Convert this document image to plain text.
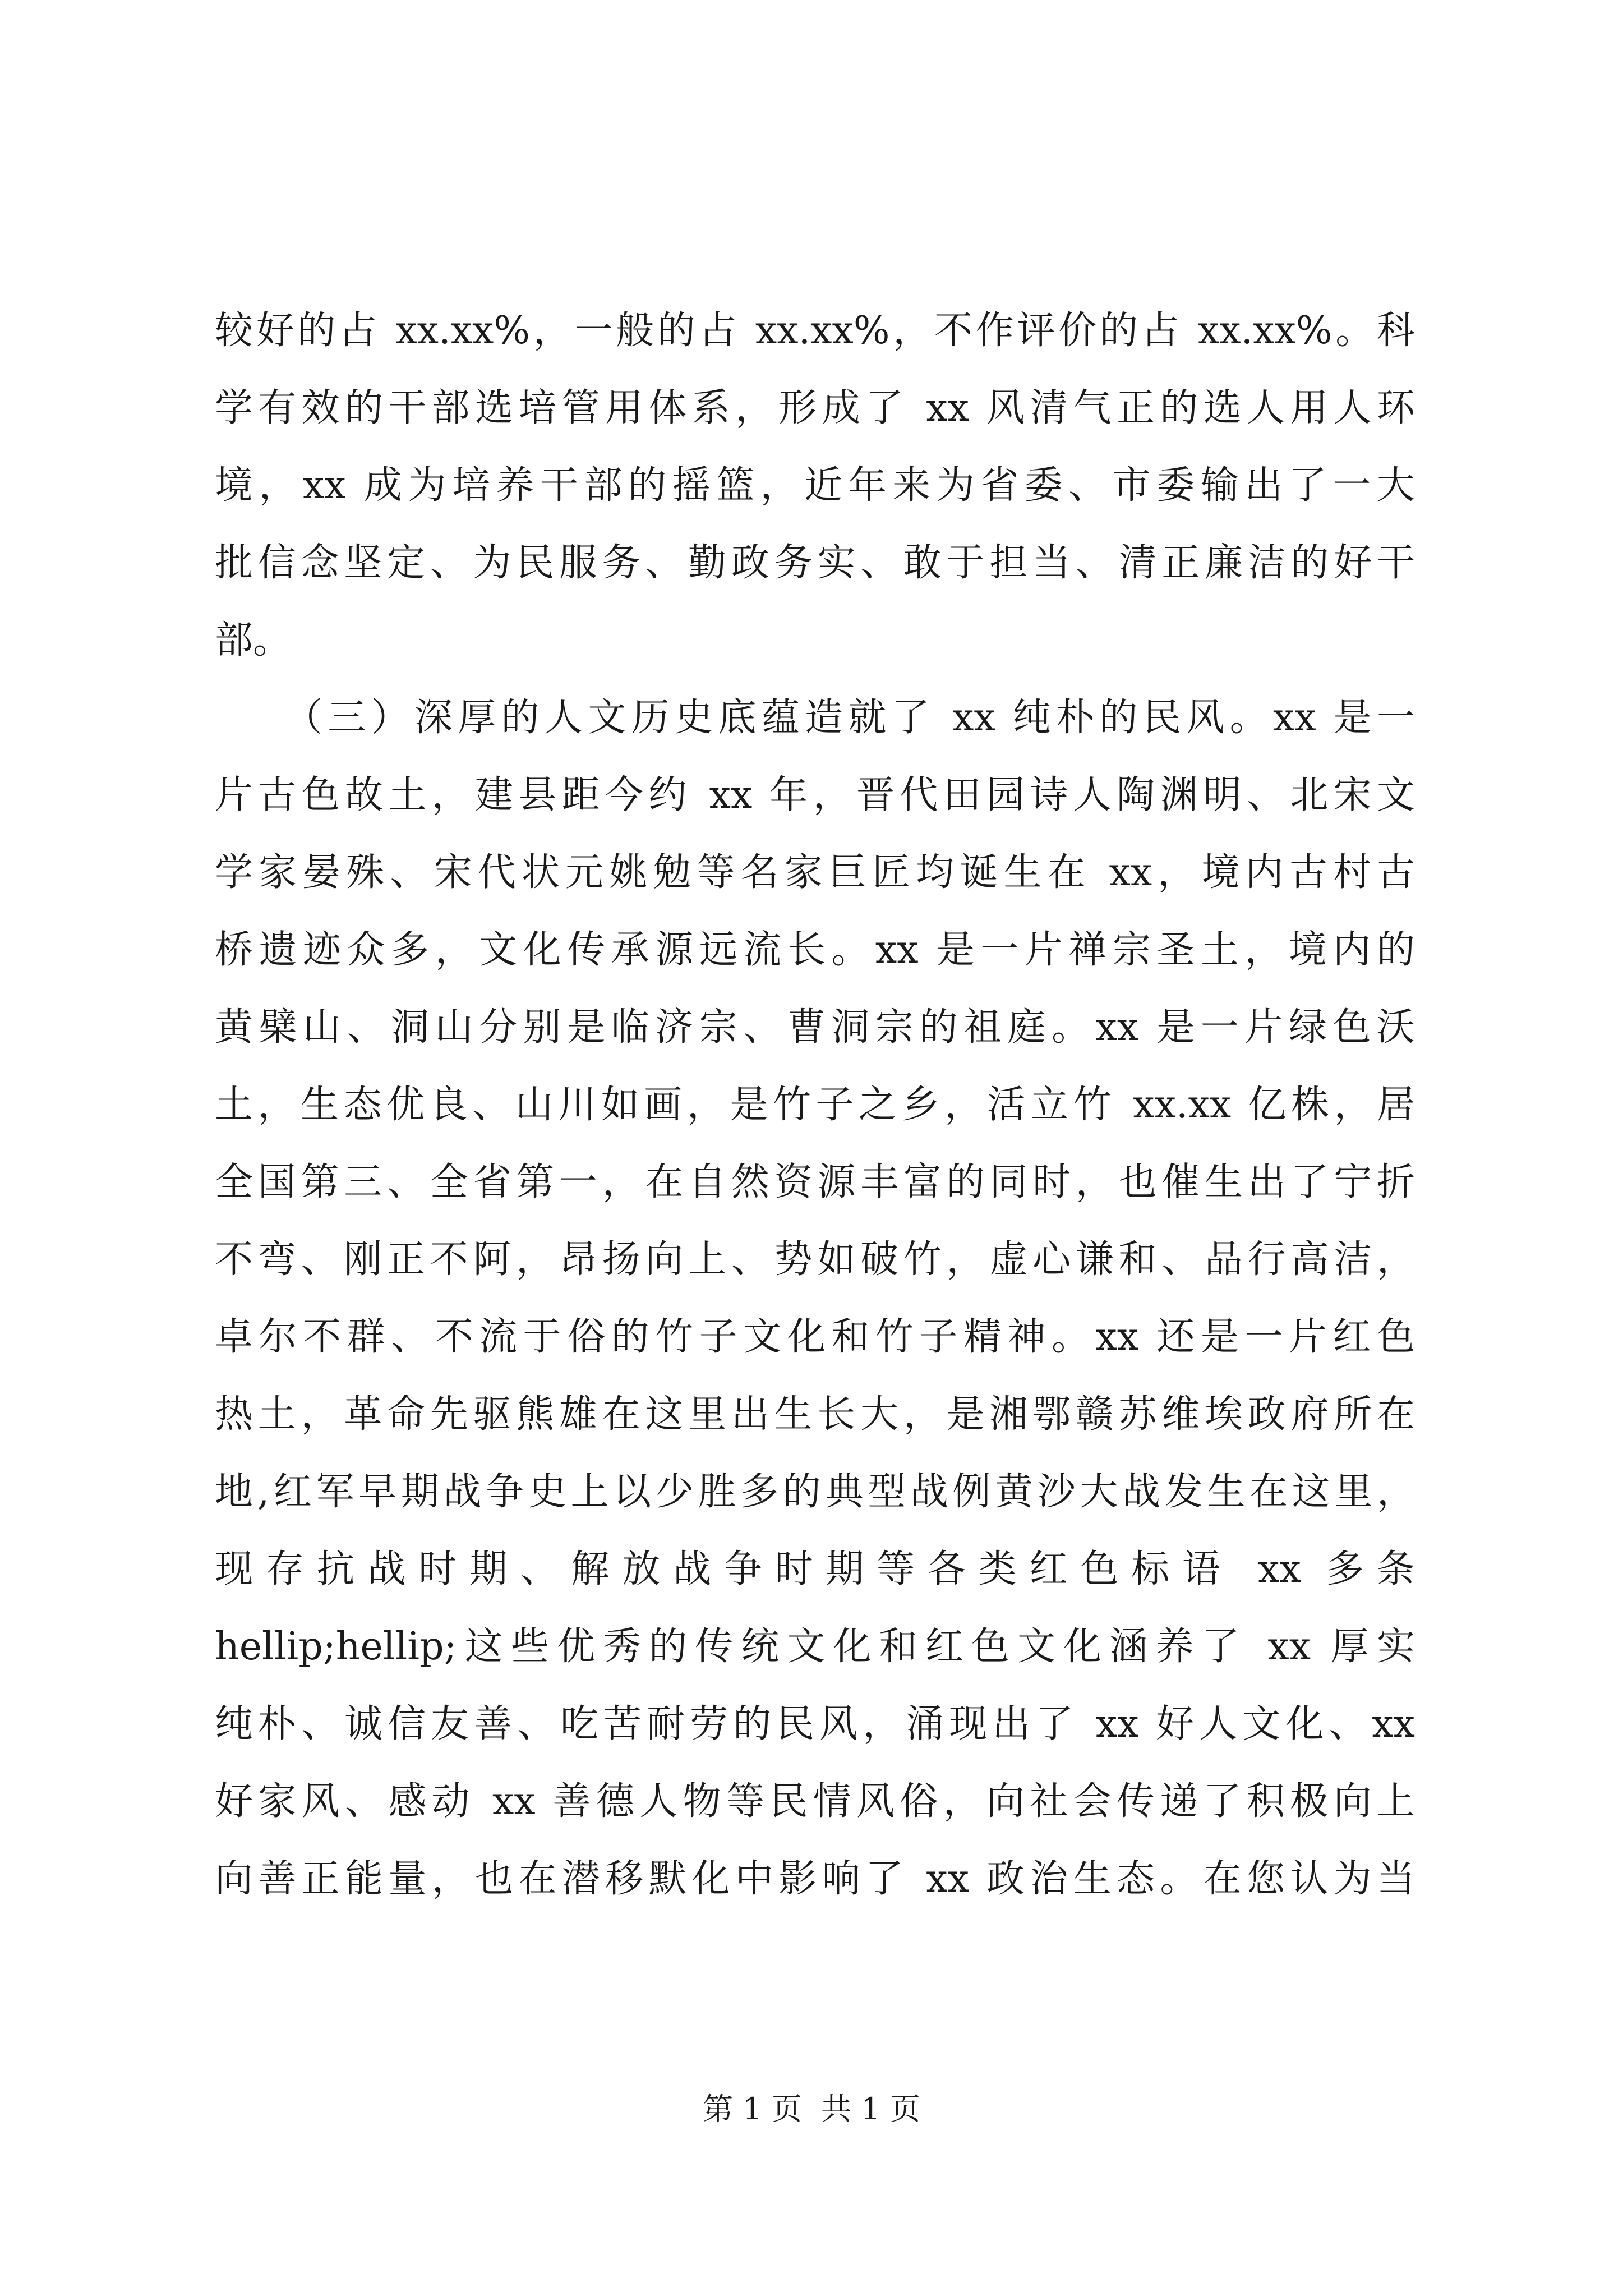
较好的占 xx.xx%，一般的占 xx.xx%，不作评价的占 xx.xx%。科
学有效的干部选培管用体系，形成了 xx 风清气正的选人用人环
境，xx 成为培养干部的摇篮，近年来为省委、市委输出了一大
批信念坚定、为民服务、勤政务实、敢于担当、清正廉洁的好干
部。
（三）深厚的人文历史底蕴造就了 xx 纯朴的民风。xx 是一
片古色故土，建县距今约 xx 年，晋代田园诗人陶渊明、北宋文
学家晏殊、宋代状元姚勉等名家巨匠均诞生在 xx，境内古村古
桥遗迹众多，文化传承源远流长。xx 是一片禅宗圣土，境内的
黄檗山、洞山分别是临济宗、曹洞宗的祖庭。xx 是一片绿色沃
土，生态优良、山川如画，是竹子之乡，活立竹 xx.xx 亿株，居
全国第三、全省第一，在自然资源丰富的同时，也催生出了宁折
不弯、刚正不阿，昂扬向上、势如破竹，虚心谦和、品行高洁，
卓尔不群、不流于俗的竹子文化和竹子精神。xx 还是一片红色
热土，革命先驱熊雄在这里出生长大，是湘鄂赣苏维埃政府所在
地,红军早期战争史上以少胜多的典型战例黄沙大战发生在这里，
现存抗战时期、解放战争时期等各类红色标语 xx 多条
hellip;hellip;这些优秀的传统文化和红色文化涵养了 xx 厚实
纯朴、诚信友善、吃苦耐劳的民风，涌现出了 xx 好人文化、xx
好家风、感动 xx 善德人物等民情风俗，向社会传递了积极向上
向善正能量，也在潜移默化中影响了 xx 政治生态。在您认为当
第 1 页  共 1 页
